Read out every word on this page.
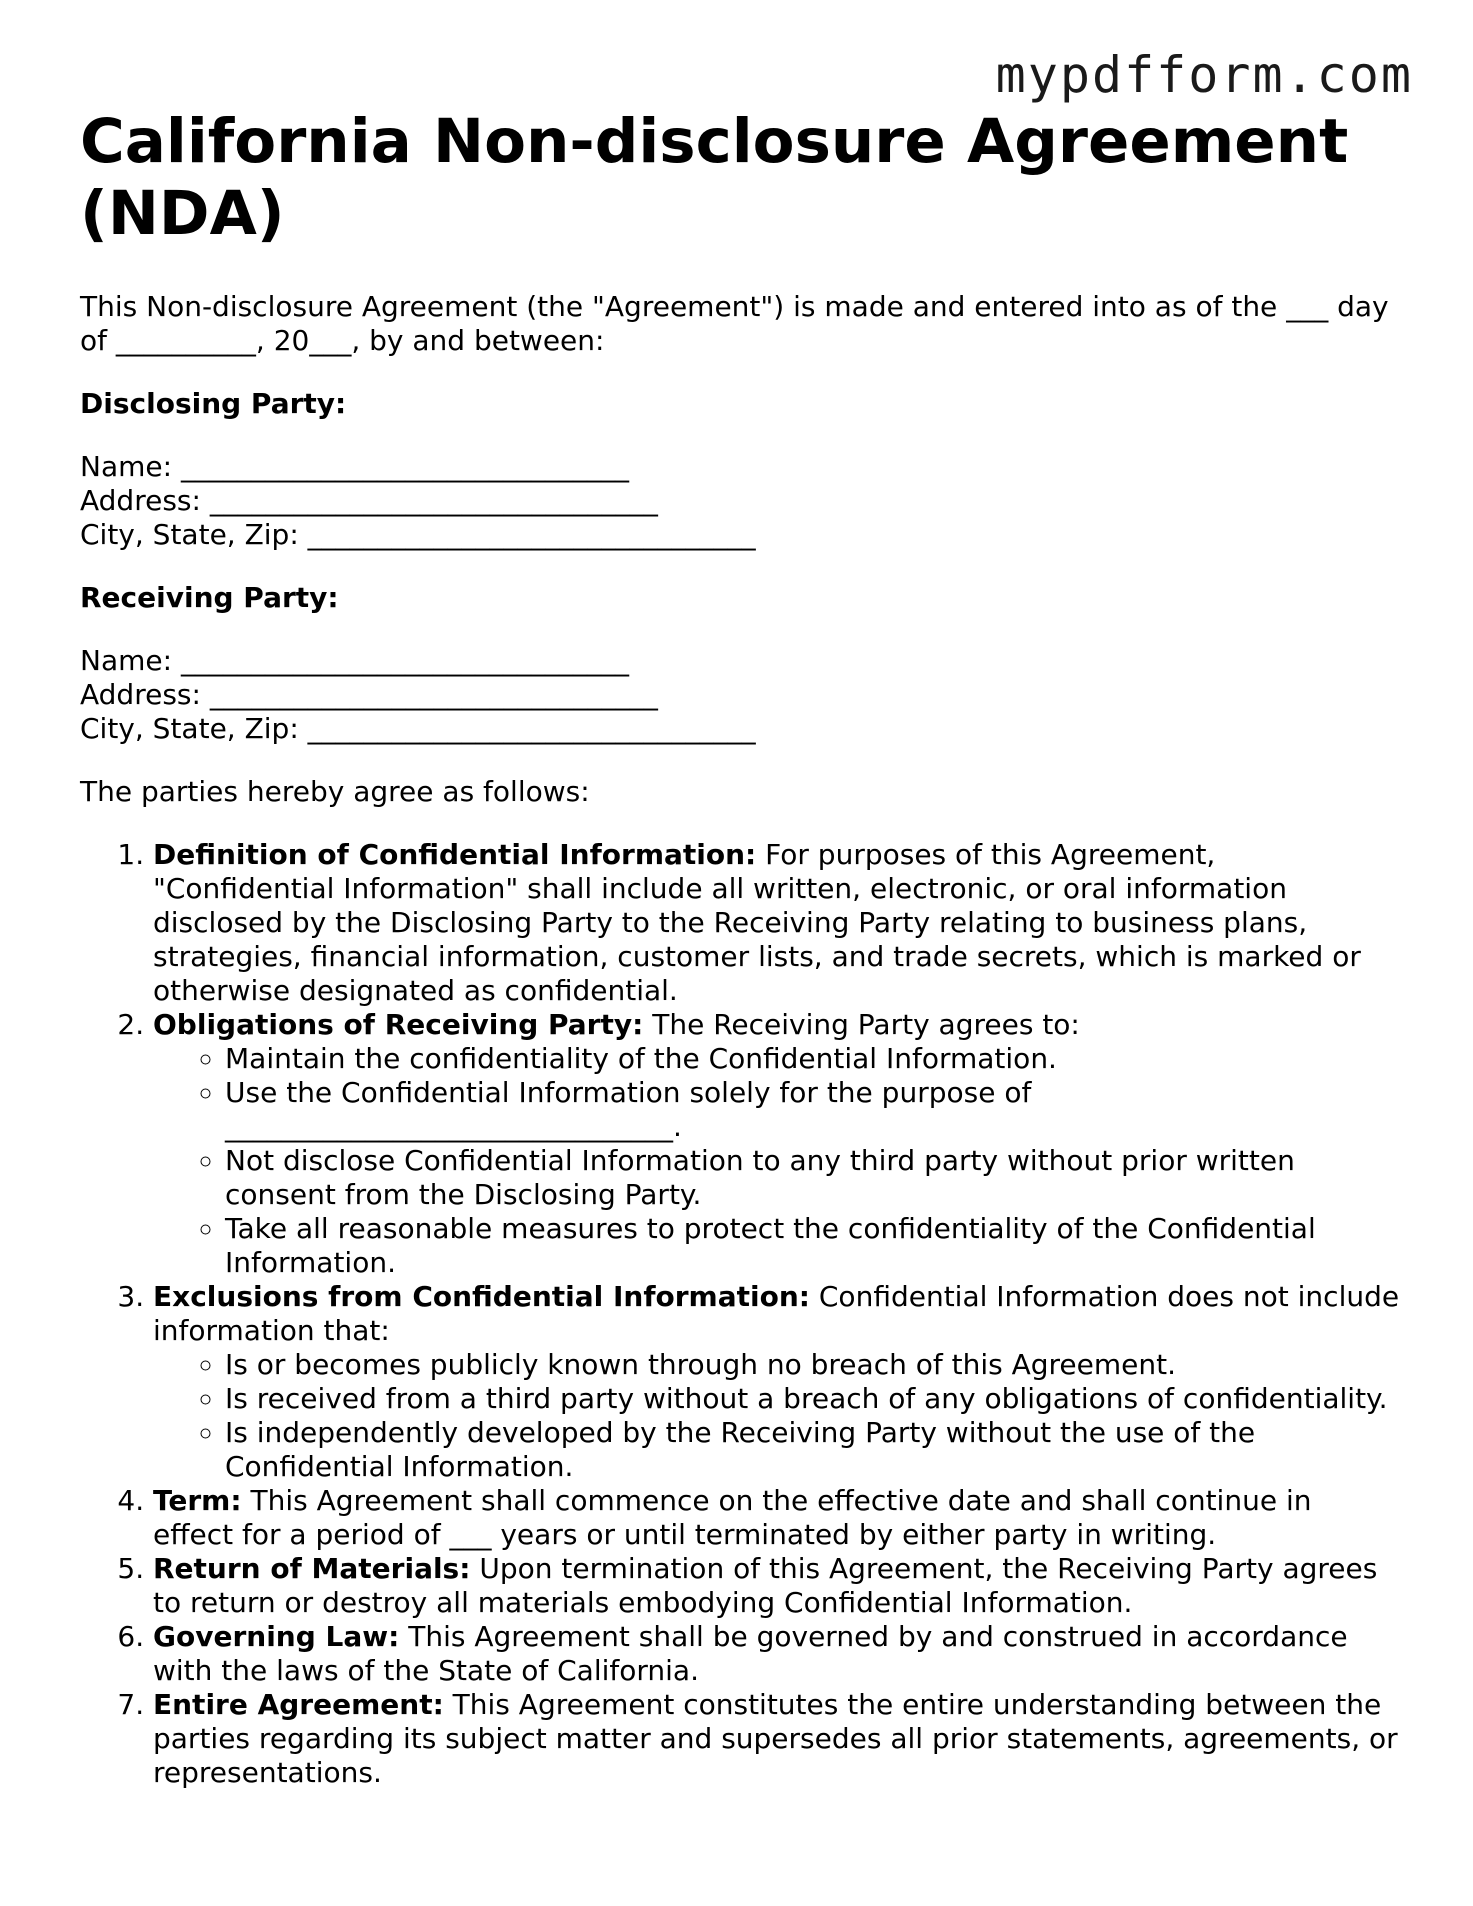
mypdfform.com
California Non-disclosure Agreement (NDA)
This Non-disclosure Agreement (the "Agreement") is made and entered into as of the ___ day of __________, 20___, by and between:
Disclosing Party:
Name: ________________________________
Address: ________________________________
City, State, Zip: ________________________________
Receiving Party:
Name: ________________________________
Address: ________________________________
City, State, Zip: ________________________________
The parties hereby agree as follows:
1. Definition of Confidential Information: For purposes of this Agreement, "Confidential Information" shall include all written, electronic, or oral information disclosed by the Disclosing Party to the Receiving Party relating to business plans, strategies, financial information, customer lists, and trade secrets, which is marked or otherwise designated as confidential.
2. Obligations of Receiving Party: The Receiving Party agrees to:
◦ Maintain the confidentiality of the Confidential Information.
◦ Use the Confidential Information solely for the purpose of ________________________________.
◦ Not disclose Confidential Information to any third party without prior written consent from the Disclosing Party.
◦ Take all reasonable measures to protect the confidentiality of the Confidential Information.
3. Exclusions from Confidential Information: Confidential Information does not include information that:
◦ Is or becomes publicly known through no breach of this Agreement.
◦ Is received from a third party without a breach of any obligations of confidentiality.
◦ Is independently developed by the Receiving Party without the use of the Confidential Information.
4. Term: This Agreement shall commence on the effective date and shall continue in effect for a period of ___ years or until terminated by either party in writing.
5. Return of Materials: Upon termination of this Agreement, the Receiving Party agrees to return or destroy all materials embodying Confidential Information.
6. Governing Law: This Agreement shall be governed by and construed in accordance with the laws of the State of California.
7. Entire Agreement: This Agreement constitutes the entire understanding between the parties regarding its subject matter and supersedes all prior statements, agreements, or representations.
